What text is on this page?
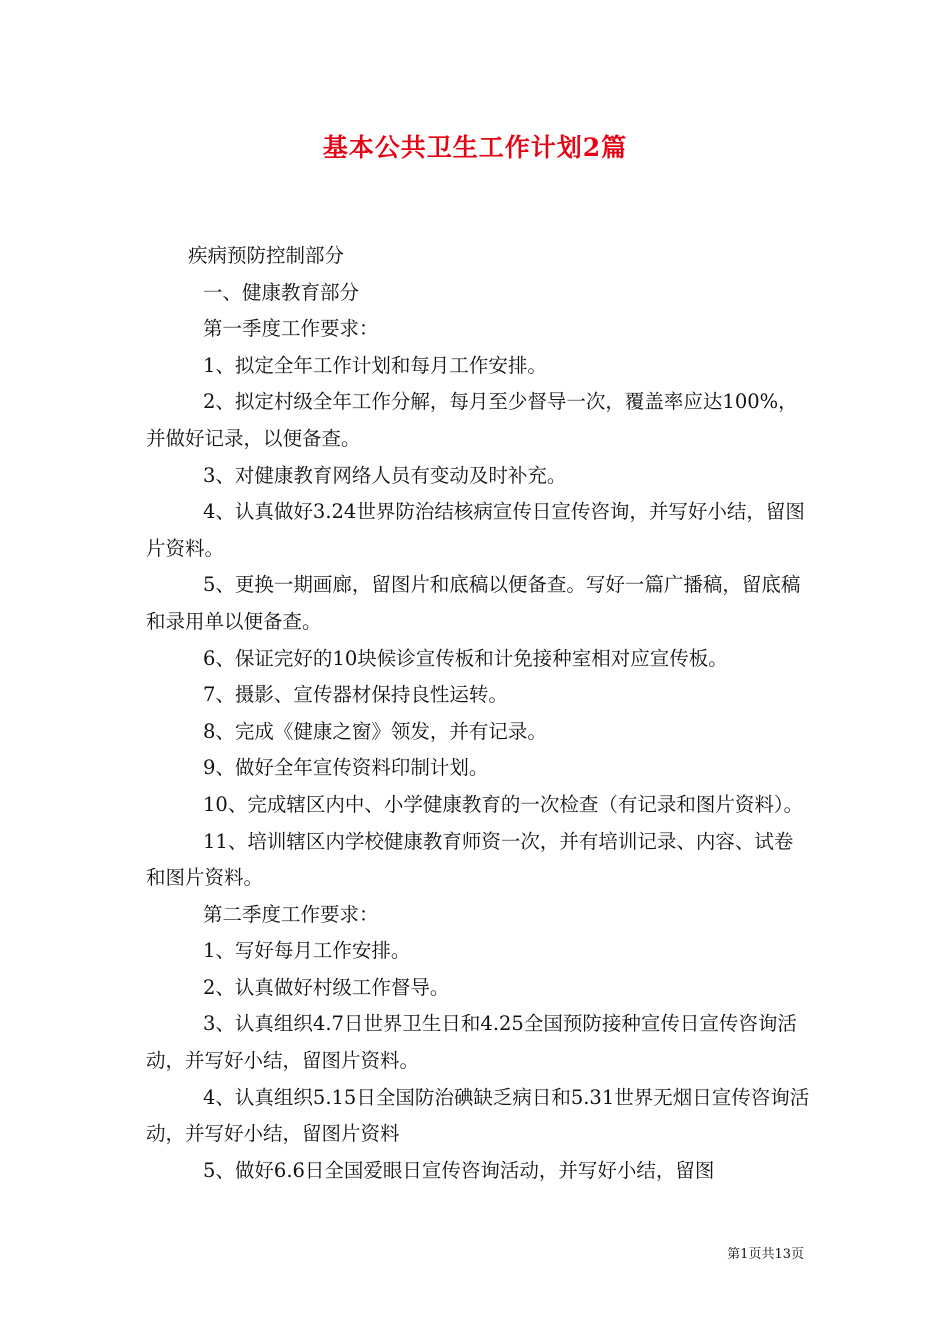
基本公共卫生工作计划2篇

疾病预防控制部分

一、健康教育部分

第一季度工作要求：

1、拟定全年工作计划和每月工作安排。

2、拟定村级全年工作分解，每月至少督导一次，覆盖率应达100%，并做好记录，以便备查。

3、对健康教育网络人员有变动及时补充。

4、认真做好3.24世界防治结核病宣传日宣传咨询，并写好小结，留图片资料。

5、更换一期画廊，留图片和底稿以便备查。写好一篇广播稿，留底稿和录用单以便备查。

6、保证完好的10块候诊宣传板和计免接种室相对应宣传板。

7、摄影、宣传器材保持良性运转。

8、完成《健康之窗》领发，并有记录。

9、做好全年宣传资料印制计划。

10、完成辖区内中、小学健康教育的一次检查（有记录和图片资料）。

11、培训辖区内学校健康教育师资一次，并有培训记录、内容、试卷和图片资料。

第二季度工作要求：

1、写好每月工作安排。

2、认真做好村级工作督导。

3、认真组织4.7日世界卫生日和4.25全国预防接种宣传日宣传咨询活动，并写好小结，留图片资料。

4、认真组织5.15日全国防治碘缺乏病日和5.31世界无烟日宣传咨询活动，并写好小结，留图片资料

5、做好6.6日全国爱眼日宣传咨询活动，并写好小结，留图

第1页共13页
